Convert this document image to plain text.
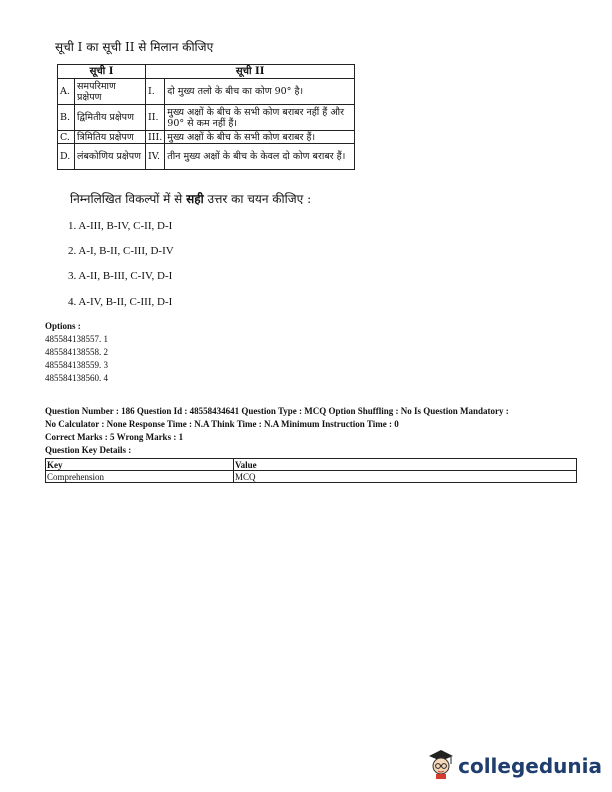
सूची I का सूची II से मिलान कीजिए
सूची I		सूची II	
A.	समपरिमाण प्रक्षेपण	I.	दो मुख्य तलो के बीच का कोण 90° है।
B.	द्विमितीय प्रक्षेपण	II.	मुख्य अक्षों के बीच के सभी कोण बराबर नहीं हैं और 90° से कम नहीं हैं।
C.	त्रिमितिय प्रक्षेपण	III.	मुख्य अक्षों के बीच के सभी कोण बराबर हैं।
D.	लंबकोणिय प्रक्षेपण	IV.	तीन मुख्य अक्षों के बीच के केवल दो कोण बराबर हैं।
निम्नलिखित विकल्पों में से सही उत्तर का चयन कीजिए :
1. A-III, B-IV, C-II, D-I
2. A-I, B-II, C-III, D-IV
3. A-II, B-III, C-IV, D-I
4. A-IV, B-II, C-III, D-I
Options :
485584138557. 1
485584138558. 2
485584138559. 3
485584138560. 4
Question Number : 186 Question Id : 48558434641 Question Type : MCQ Option Shuffling : No Is Question Mandatory :
No Calculator : None Response Time : N.A Think Time : N.A Minimum Instruction Time : 0
Correct Marks : 5 Wrong Marks : 1
Question Key Details :
Key	Value
Comprehension	MCQ
collegedunia
